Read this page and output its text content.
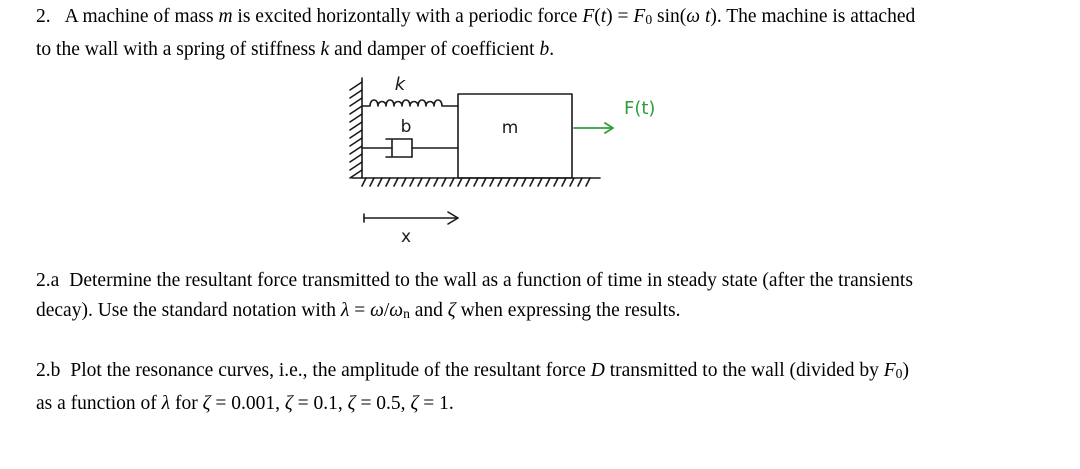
2. A machine of mass m is excited horizontally with a periodic force F(t) = F0 sin(ω t). The machine is attached
to the wall with a spring of stiffness k and damper of coefficient b.
k
b	m
F(t)
x
2.a Determine the resultant force transmitted to the wall as a function of time in steady state (after the transients
decay). Use the standard notation with λ = ω/ωn and ζ when expressing the results.
2.b Plot the resonance curves, i.e., the amplitude of the resultant force D transmitted to the wall (divided by F0)
as a function of λ for ζ = 0.001, ζ = 0.1, ζ = 0.5, ζ = 1.
